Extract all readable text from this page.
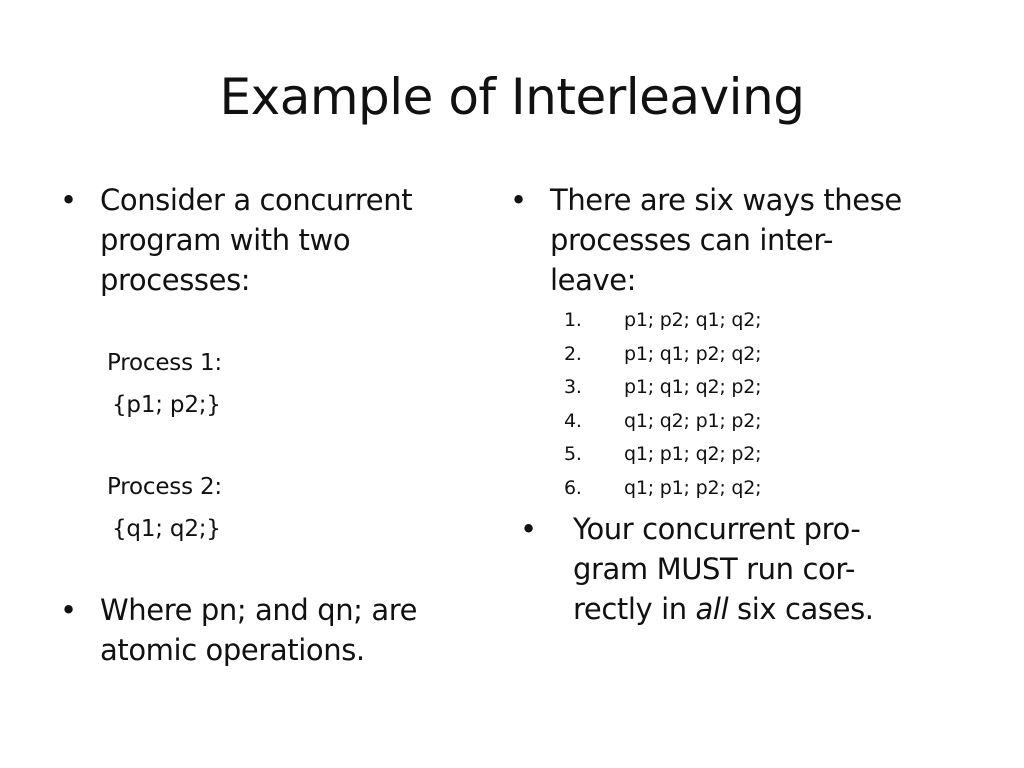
Example of Interleaving
• Consider a concurrent
program with two
processes:
Process 1:
{p1; p2;}
Process 2:
{q1; q2;}
• Where pn; and qn; are
atomic operations.
• There are six ways these
processes can inter-
leave:
1. p1; p2; q1; q2;
2. p1; q1; p2; q2;
3. p1; q1; q2; p2;
4. q1; q2; p1; p2;
5. q1; p1; q2; p2;
6. q1; p1; p2; q2;
• Your concurrent pro-
gram MUST run cor-
rectly in all six cases.
